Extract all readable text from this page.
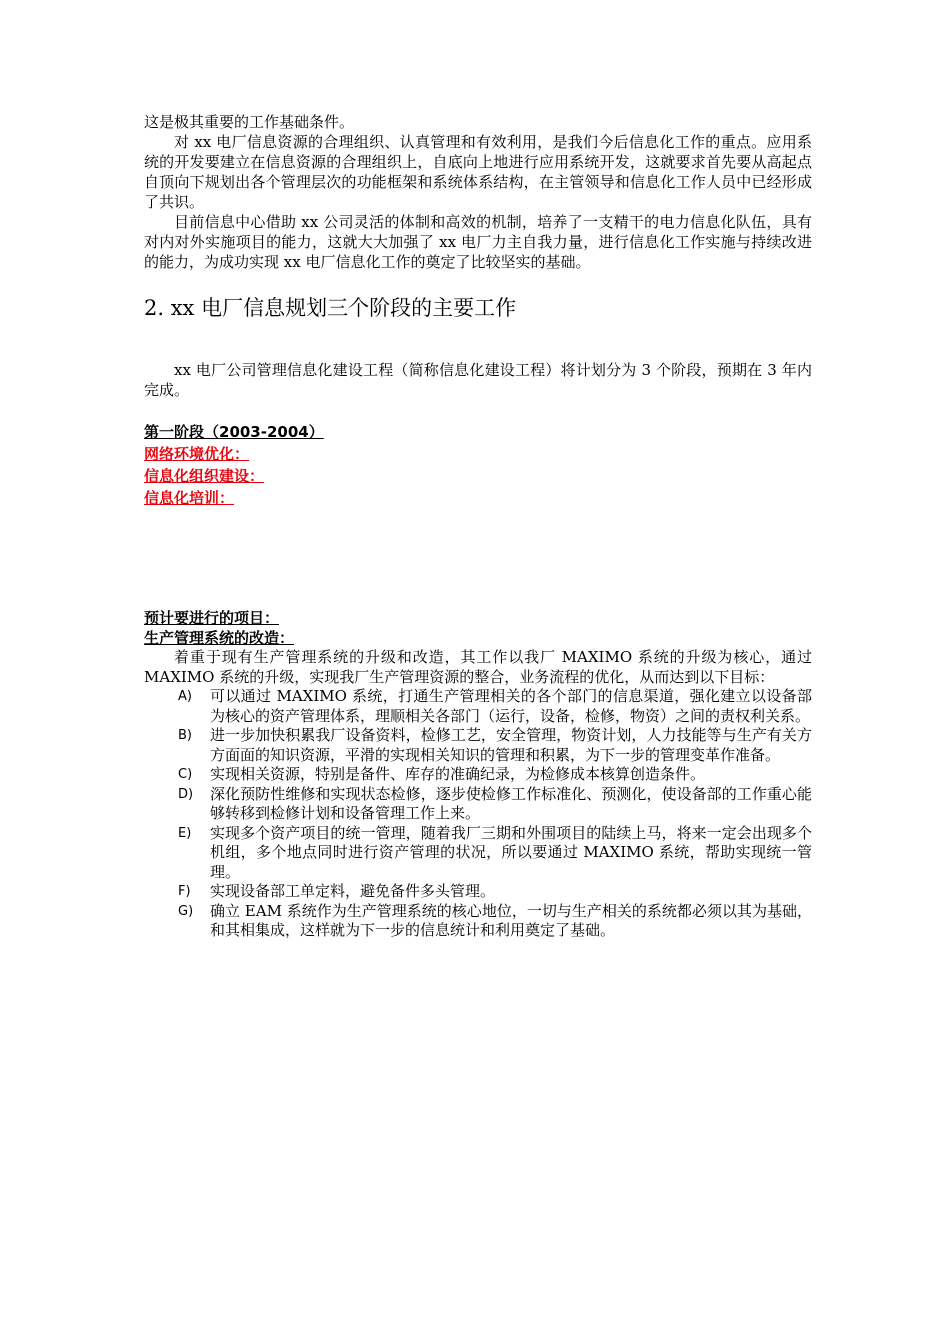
这是极其重要的工作基础条件。

对 xx 电厂信息资源的合理组织、认真管理和有效利用，是我们今后信息化工作的重点。应用系统的开发要建立在信息资源的合理组织上，自底向上地进行应用系统开发，这就要求首先要从高起点自顶向下规划出各个管理层次的功能框架和系统体系结构，在主管领导和信息化工作人员中已经形成了共识。

目前信息中心借助 xx 公司灵活的体制和高效的机制，培养了一支精干的电力信息化队伍，具有对内对外实施项目的能力，这就大大加强了 xx 电厂力主自我力量，进行信息化工作实施与持续改进的能力，为成功实现 xx 电厂信息化工作的奠定了比较坚实的基础。

2. xx 电厂信息规划三个阶段的主要工作

xx 电厂公司管理信息化建设工程（简称信息化建设工程）将计划分为 3 个阶段，预期在 3 年内完成。

第一阶段（2003-2004）

网络环境优化：

信息化组织建设：

信息化培训：

预计要进行的项目：

生产管理系统的改造：

着重于现有生产管理系统的升级和改造，其工作以我厂 MAXIMO 系统的升级为核心，通过 MAXIMO 系统的升级，实现我厂生产管理资源的整合，业务流程的优化，从而达到以下目标：

A)	可以通过 MAXIMO 系统，打通生产管理相关的各个部门的信息渠道，强化建立以设备部为核心的资产管理体系，理顺相关各部门（运行，设备，检修，物资）之间的责权利关系。
B)	进一步加快积累我厂设备资料，检修工艺，安全管理，物资计划，人力技能等与生产有关方方面面的知识资源，平滑的实现相关知识的管理和积累，为下一步的管理变革作准备。
C)	实现相关资源，特别是备件、库存的准确纪录，为检修成本核算创造条件。
D)	深化预防性维修和实现状态检修，逐步使检修工作标准化、预测化，使设备部的工作重心能够转移到检修计划和设备管理工作上来。
E)	实现多个资产项目的统一管理，随着我厂三期和外围项目的陆续上马，将来一定会出现多个机组，多个地点同时进行资产管理的状况，所以要通过 MAXIMO 系统，帮助实现统一管理。
F)	实现设备部工单定料，避免备件多头管理。
G)	确立 EAM 系统作为生产管理系统的核心地位，一切与生产相关的系统都必须以其为基础，和其相集成，这样就为下一步的信息统计和利用奠定了基础。
